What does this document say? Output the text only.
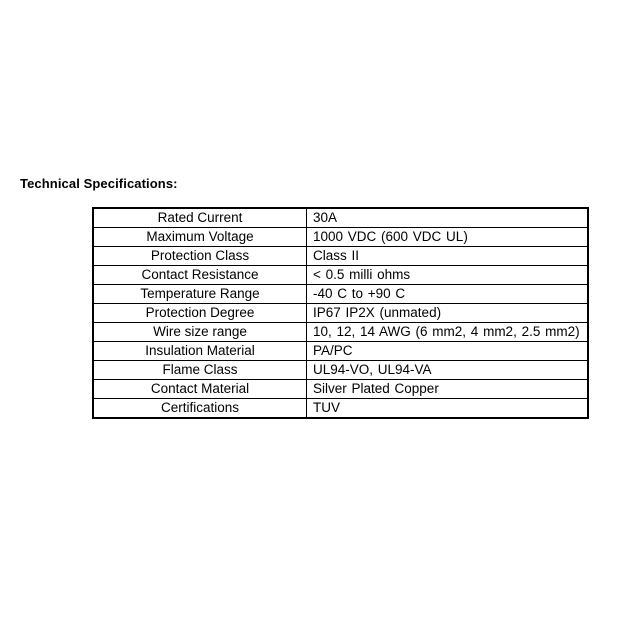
Technical Specifications:
Rated Current	30A
Maximum Voltage	1000 VDC (600 VDC UL)
Protection Class	Class II
Contact Resistance	< 0.5 milli ohms
Temperature Range	-40 C to +90 C
Protection Degree	IP67 IP2X (unmated)
Wire size range	10, 12, 14 AWG (6 mm2, 4 mm2, 2.5 mm2)
Insulation Material	PA/PC
Flame Class	UL94-VO, UL94-VA
Contact Material	Silver Plated Copper
Certifications	TUV
